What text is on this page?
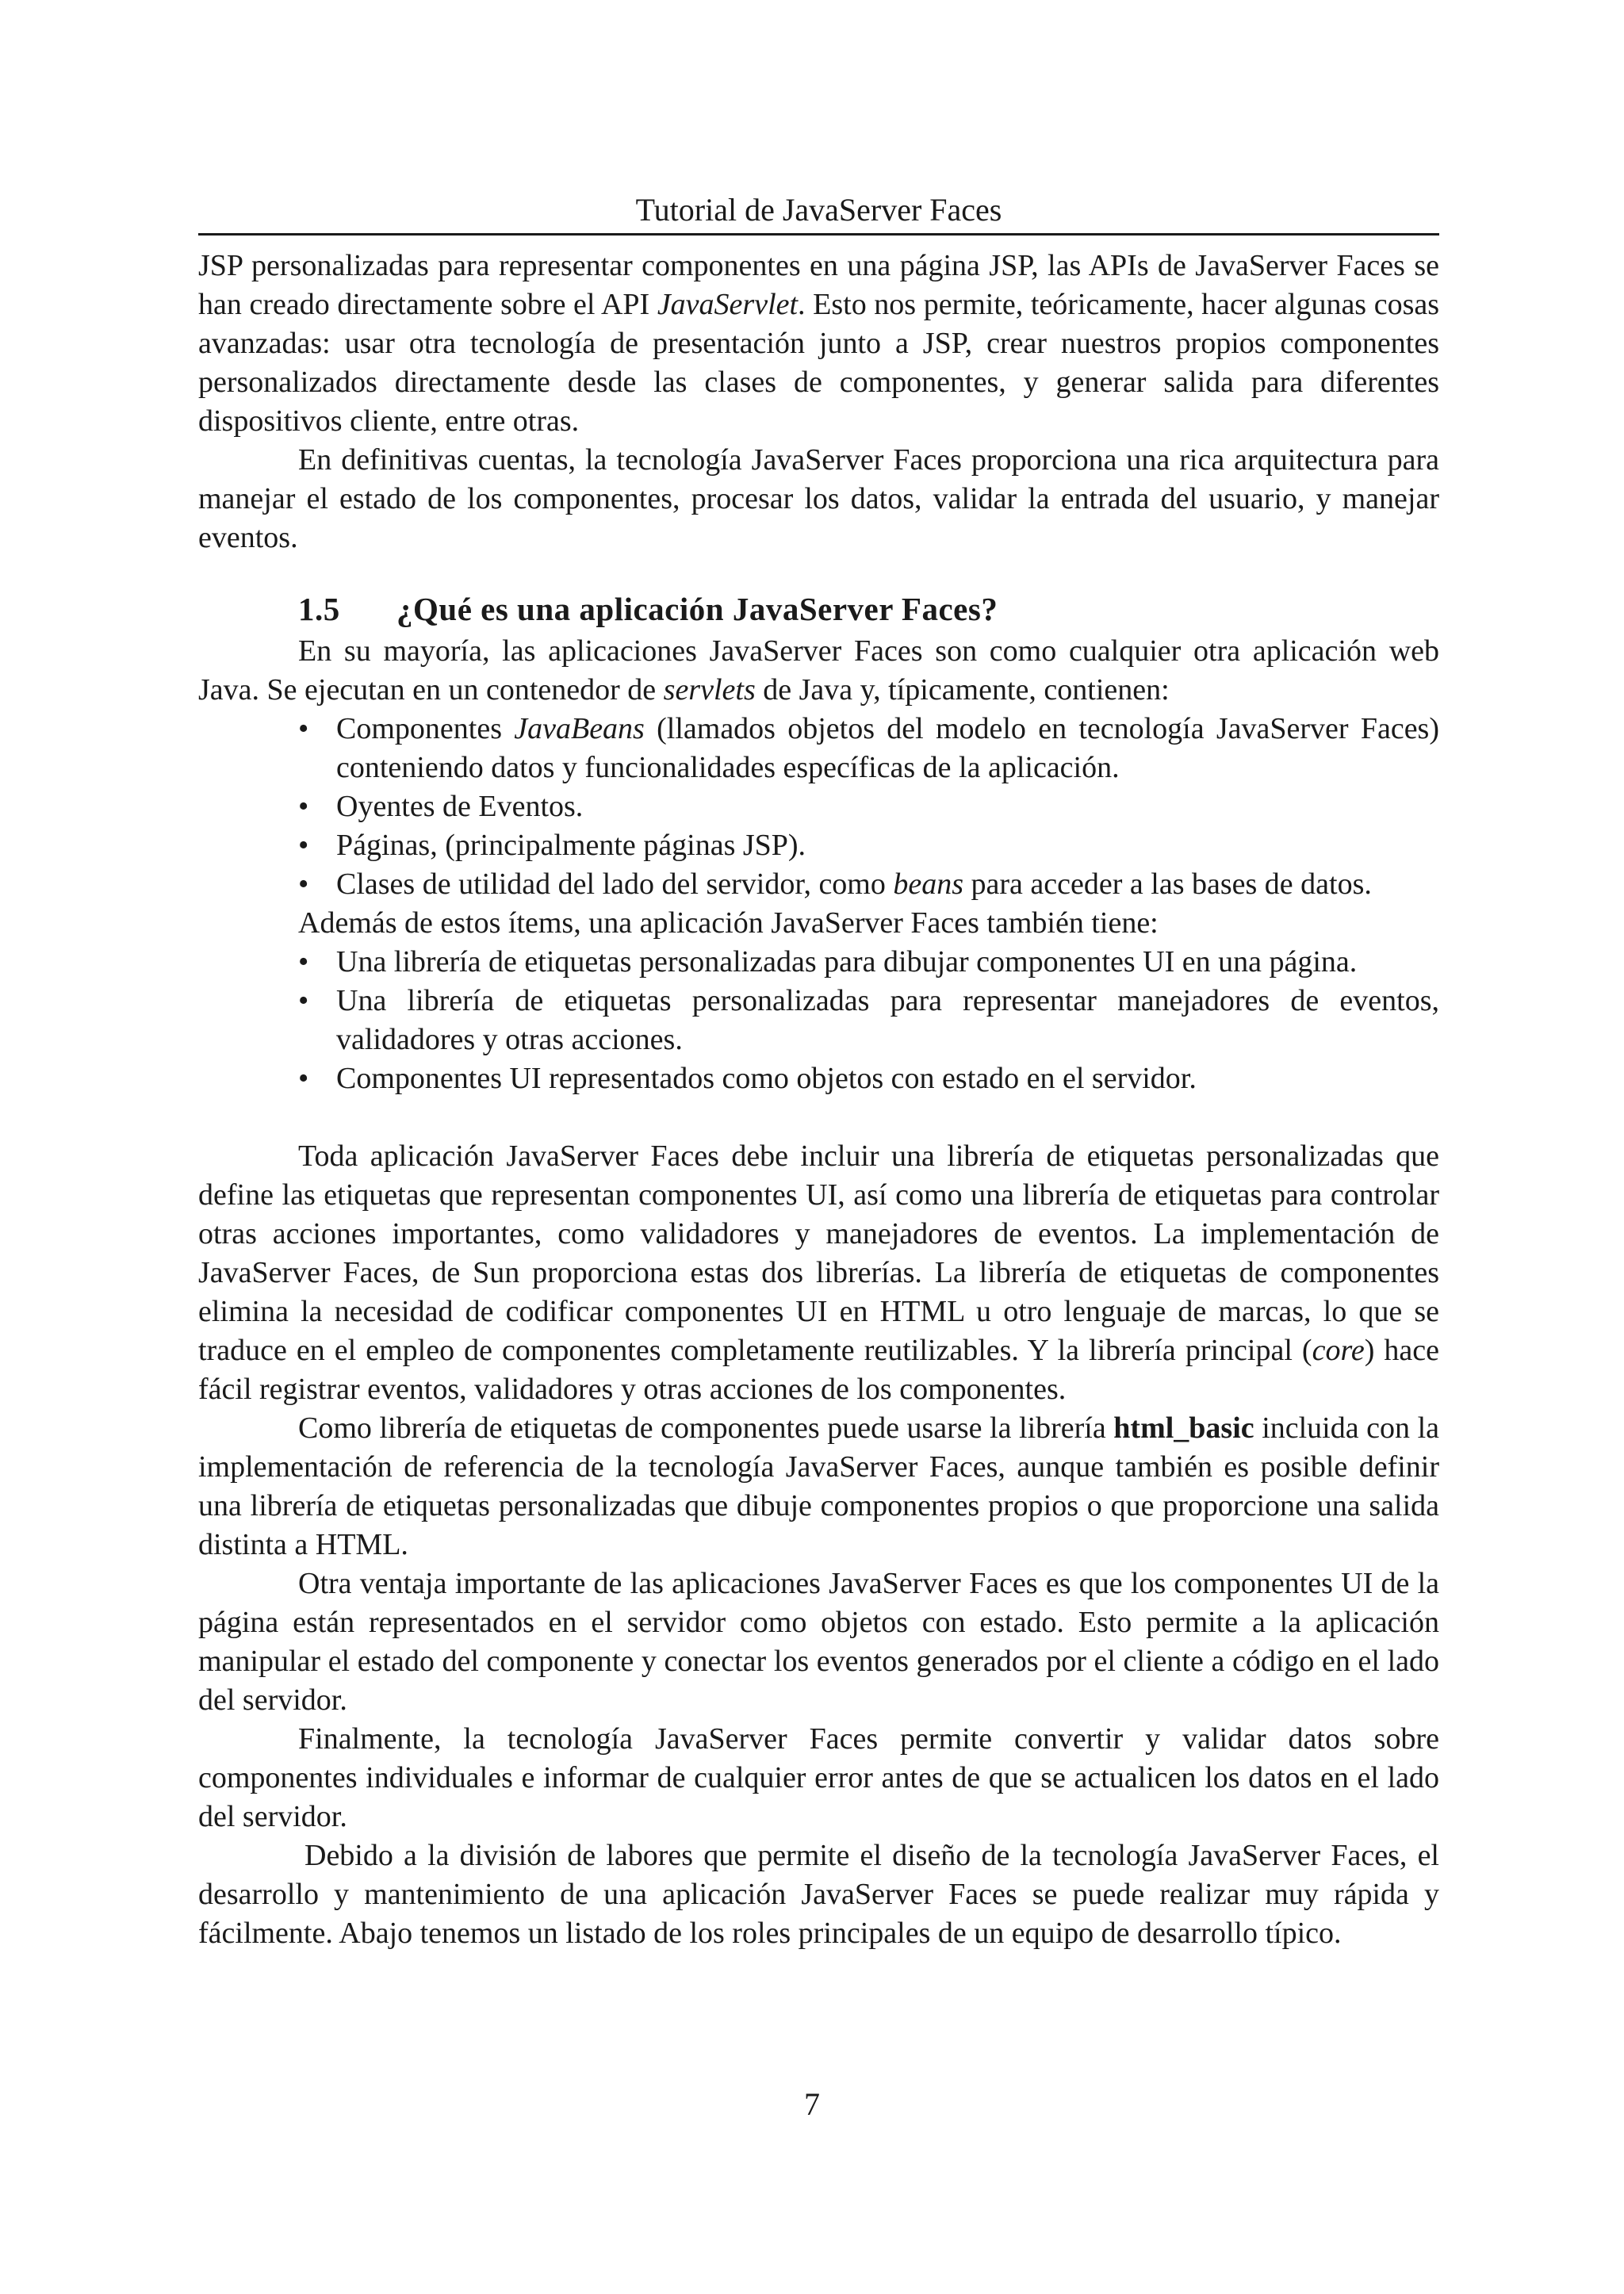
Tutorial de JavaServer Faces

JSP personalizadas para representar componentes en una página JSP, las APIs de JavaServer Faces se han creado directamente sobre el API JavaServlet. Esto nos permite, teóricamente, hacer algunas cosas avanzadas: usar otra tecnología de presentación junto a JSP, crear nuestros propios componentes personalizados directamente desde las clases de componentes, y generar salida para diferentes dispositivos cliente, entre otras.

En definitivas cuentas, la tecnología JavaServer Faces proporciona una rica arquitectura para manejar el estado de los componentes, procesar los datos, validar la entrada del usuario, y manejar eventos.

1.5 ¿Qué es una aplicación JavaServer Faces?

En su mayoría, las aplicaciones JavaServer Faces son como cualquier otra aplicación web Java. Se ejecutan en un contenedor de servlets de Java y, típicamente, contienen:

• Componentes JavaBeans (llamados objetos del modelo en tecnología JavaServer Faces) conteniendo datos y funcionalidades específicas de la aplicación.
• Oyentes de Eventos.
• Páginas, (principalmente páginas JSP).
• Clases de utilidad del lado del servidor, como beans para acceder a las bases de datos.
Además de estos ítems, una aplicación JavaServer Faces también tiene:
• Una librería de etiquetas personalizadas para dibujar componentes UI en una página.
• Una librería de etiquetas personalizadas para representar manejadores de eventos, validadores y otras acciones.
• Componentes UI representados como objetos con estado en el servidor.

Toda aplicación JavaServer Faces debe incluir una librería de etiquetas personalizadas que define las etiquetas que representan componentes UI, así como una librería de etiquetas para controlar otras acciones importantes, como validadores y manejadores de eventos. La implementación de JavaServer Faces, de Sun proporciona estas dos librerías. La librería de etiquetas de componentes elimina la necesidad de codificar componentes UI en HTML u otro lenguaje de marcas, lo que se traduce en el empleo de componentes completamente reutilizables. Y la librería principal (core) hace fácil registrar eventos, validadores y otras acciones de los componentes.

Como librería de etiquetas de componentes puede usarse la librería html_basic incluida con la implementación de referencia de la tecnología JavaServer Faces, aunque también es posible definir una librería de etiquetas personalizadas que dibuje componentes propios o que proporcione una salida distinta a HTML.

Otra ventaja importante de las aplicaciones JavaServer Faces es que los componentes UI de la página están representados en el servidor como objetos con estado. Esto permite a la aplicación manipular el estado del componente y conectar los eventos generados por el cliente a código en el lado del servidor.

Finalmente, la tecnología JavaServer Faces permite convertir y validar datos sobre componentes individuales e informar de cualquier error antes de que se actualicen los datos en el lado del servidor.

Debido a la división de labores que permite el diseño de la tecnología JavaServer Faces, el desarrollo y mantenimiento de una aplicación JavaServer Faces se puede realizar muy rápida y fácilmente. Abajo tenemos un listado de los roles principales de un equipo de desarrollo típico.

7
